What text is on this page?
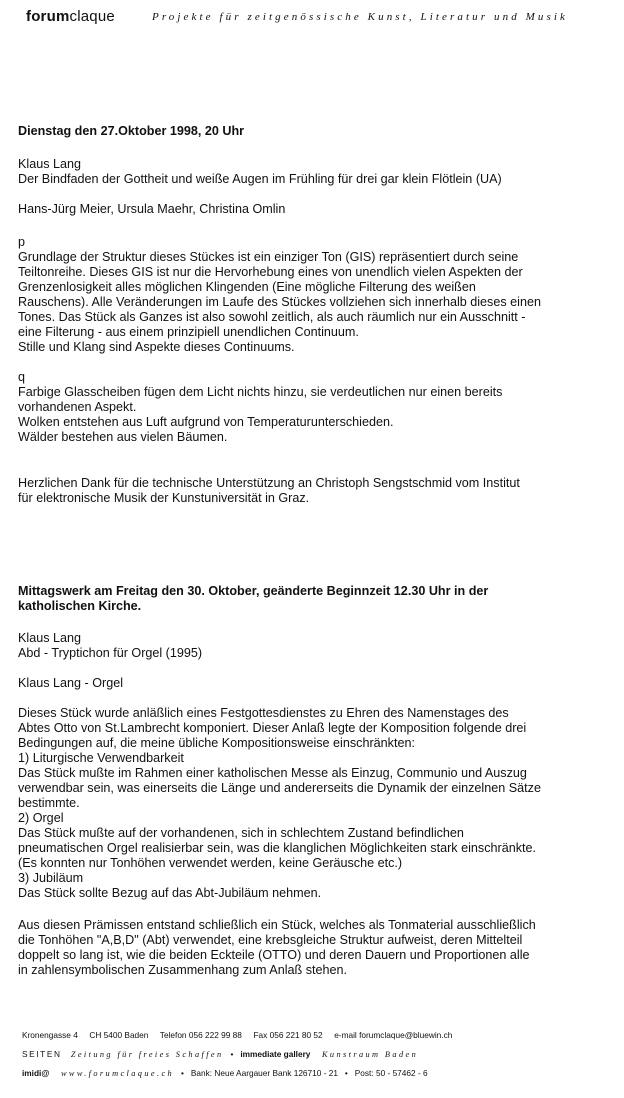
forumclaque	Projekte für zeitgenössische Kunst, Literatur und Musik

Dienstag den 27.Oktober 1998, 20 Uhr

Klaus Lang

Der Bindfaden der Gottheit und weiße Augen im Frühling für drei gar klein Flötlein (UA)

Hans-Jürg Meier, Ursula Maehr, Christina Omlin

p

Grundlage der Struktur dieses Stückes ist ein einziger Ton (GIS) repräsentiert durch seine

Teiltonreihe. Dieses GIS ist nur die Hervorhebung eines von unendlich vielen Aspekten der

Grenzenlosigkeit alles möglichen Klingenden (Eine mögliche Filterung des weißen

Rauschens). Alle Veränderungen im Laufe des Stückes vollziehen sich innerhalb dieses einen

Tones. Das Stück als Ganzes ist also sowohl zeitlich, als auch räumlich nur ein Ausschnitt -

eine Filterung - aus einem prinzipiell unendlichen Continuum.

Stille und Klang sind Aspekte dieses Continuums.

q

Farbige Glasscheiben fügen dem Licht nichts hinzu, sie verdeutlichen nur einen bereits

vorhandenen Aspekt.

Wolken entstehen aus Luft aufgrund von Temperaturunterschieden.

Wälder bestehen aus vielen Bäumen.

Herzlichen Dank für die technische Unterstützung an Christoph Sengstschmid vom Institut

für elektronische Musik der Kunstuniversität in Graz.

Mittagswerk am Freitag den 30. Oktober, geänderte Beginnzeit 12.30 Uhr in der

katholischen Kirche.

Klaus Lang

Abd - Tryptichon für Orgel (1995)

Klaus Lang - Orgel

Dieses Stück wurde anläßlich eines Festgottesdienstes zu Ehren des Namenstages des

Abtes Otto von St.Lambrecht komponiert. Dieser Anlaß legte der Komposition folgende drei

Bedingungen auf, die meine übliche Kompositionsweise einschränkten:

1) Liturgische Verwendbarkeit

Das Stück mußte im Rahmen einer katholischen Messe als Einzug, Communio und Auszug

verwendbar sein, was einerseits die Länge und andererseits die Dynamik der einzelnen Sätze

bestimmte.

2) Orgel

Das Stück mußte auf der vorhandenen, sich in schlechtem Zustand befindlichen

pneumatischen Orgel realisierbar sein, was die klanglichen Möglichkeiten stark einschränkte.

(Es konnten nur Tonhöhen verwendet werden, keine Geräusche etc.)

3) Jubiläum

Das Stück sollte Bezug auf das Abt-Jubiläum nehmen.

Aus diesen Prämissen entstand schließlich ein Stück, welches als Tonmaterial ausschließlich

die Tonhöhen "A,B,D" (Abt) verwendet, eine krebsgleiche Struktur aufweist, deren Mittelteil

doppelt so lang ist, wie die beiden Eckteile (OTTO) und deren Dauern und Proportionen alle

in zahlensymbolischen Zusammenhang zum Anlaß stehen.

Kronengasse 4 CH 5400 Baden Telefon 056 222 99 88 Fax 056 221 80 52 e-mail forumclaque@bluewin.ch
SEITEN Zeitung für freies Schaffen • immediate gallery Kunstraum Baden
imidi@ www.forumclaque.ch • Bank: Neue Aargauer Bank 126710 - 21 • Post: 50 - 57462 - 6
